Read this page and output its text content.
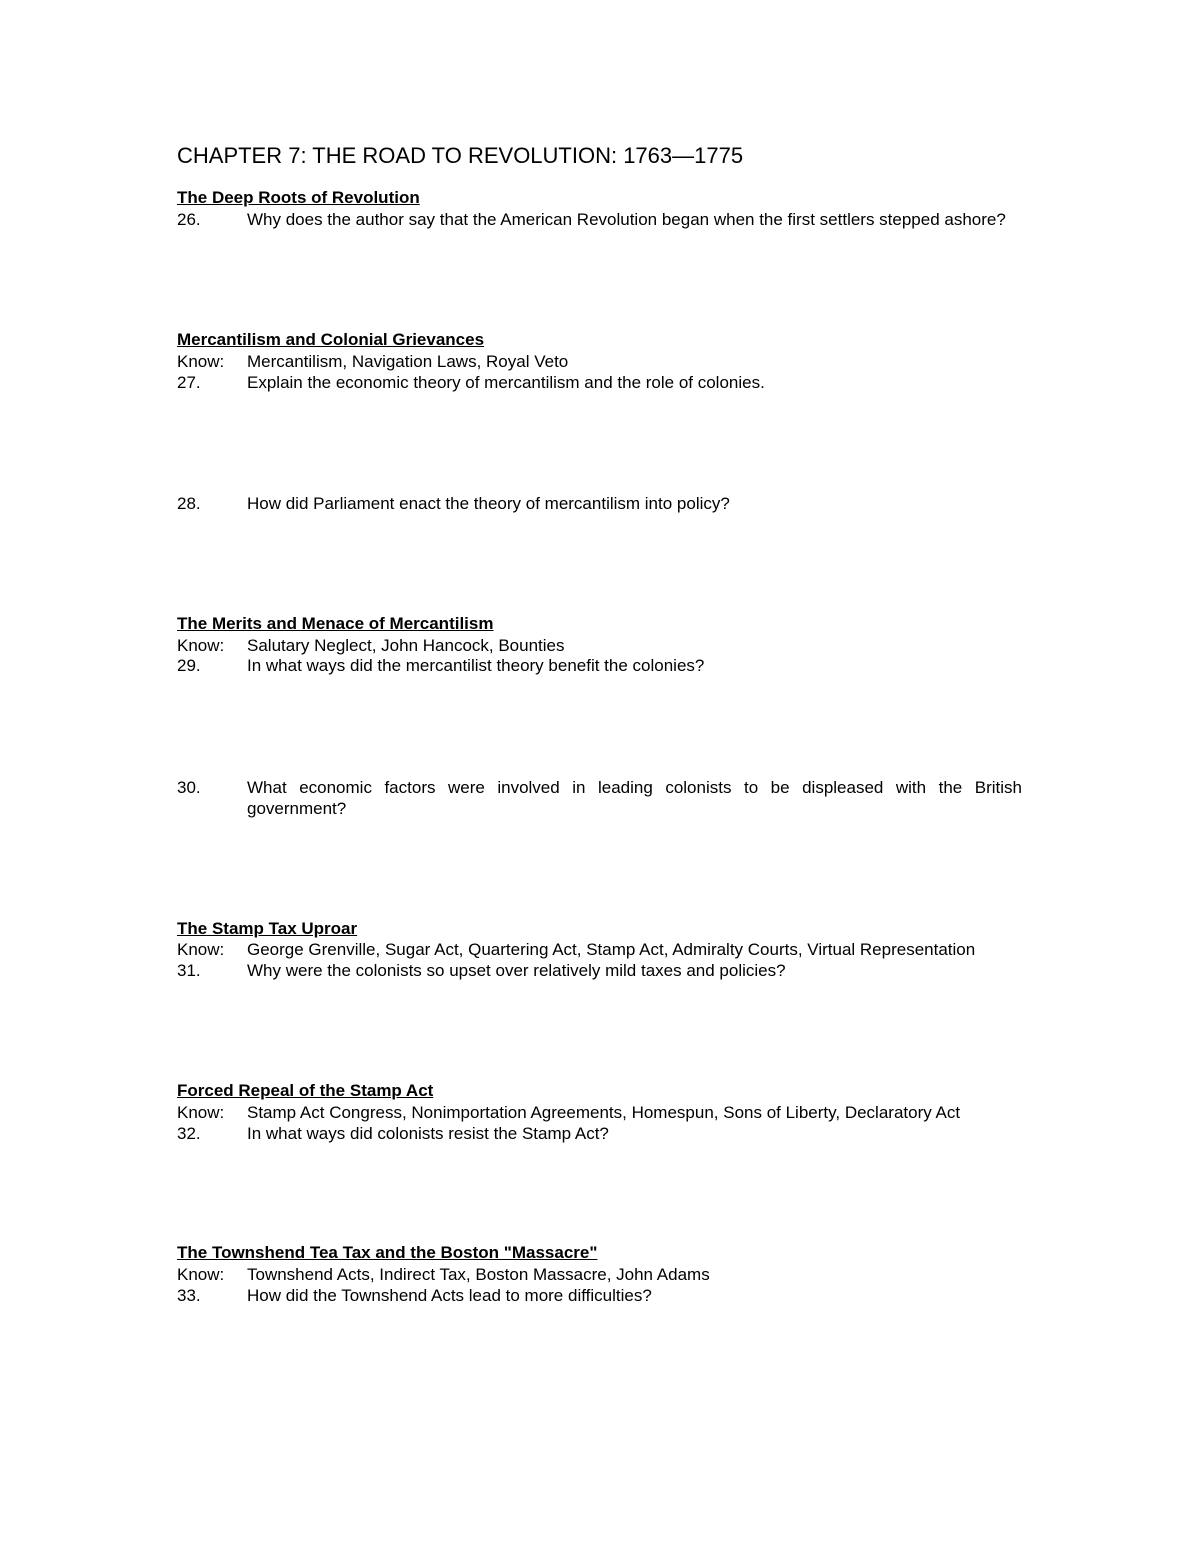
CHAPTER 7: THE ROAD TO REVOLUTION: 1763—1775
The Deep Roots of Revolution
26.	Why does the author say that the American Revolution began when the first settlers stepped ashore?
Mercantilism and Colonial Grievances
Know: Mercantilism, Navigation Laws, Royal Veto
27.	Explain the economic theory of mercantilism and the role of colonies.
28.	How did Parliament enact the theory of mercantilism into policy?
The Merits and Menace of Mercantilism
Know: Salutary Neglect, John Hancock, Bounties
29.	In what ways did the mercantilist theory benefit the colonies?
30.	What economic factors were involved in leading colonists to be displeased with the British government?
The Stamp Tax Uproar
Know: George Grenville, Sugar Act, Quartering Act, Stamp Act, Admiralty Courts, Virtual Representation
31.	Why were the colonists so upset over relatively mild taxes and policies?
Forced Repeal of the Stamp Act
Know: Stamp Act Congress, Nonimportation Agreements, Homespun, Sons of Liberty, Declaratory Act
32.	In what ways did colonists resist the Stamp Act?
The Townshend Tea Tax and the Boston "Massacre"
Know: Townshend Acts, Indirect Tax, Boston Massacre, John Adams
33.	How did the Townshend Acts lead to more difficulties?
